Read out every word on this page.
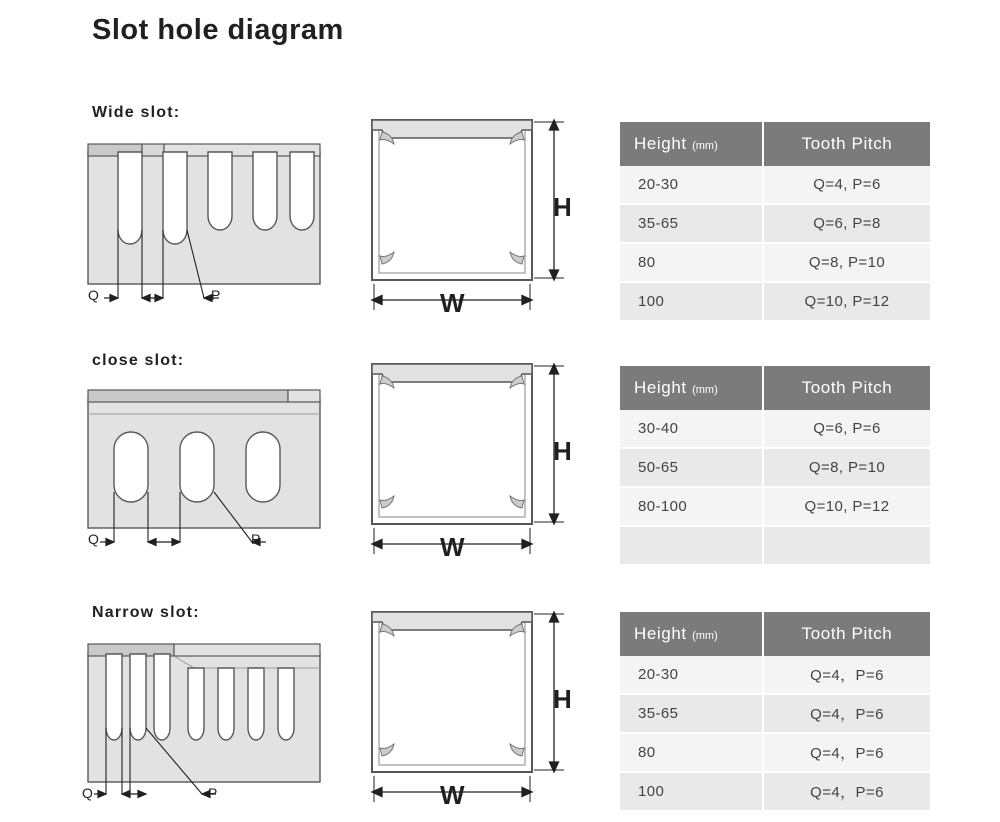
Slot hole diagram
Wide slot:
Q	P
H
W
Height (mm)	Tooth Pitch
20-30	Q=4, P=6
35-65	Q=6, P=8
80	Q=8, P=10
100	Q=10, P=12
close slot:
Q	P
H
W
Height (mm)	Tooth Pitch
30-40	Q=6, P=6
50-65	Q=8, P=10
80-100	Q=10, P=12

Narrow slot:
Q	P
H
W
Height (mm)	Tooth Pitch
20-30	Q=4，P=6
35-65	Q=4，P=6
80	Q=4，P=6
100	Q=4，P=6
